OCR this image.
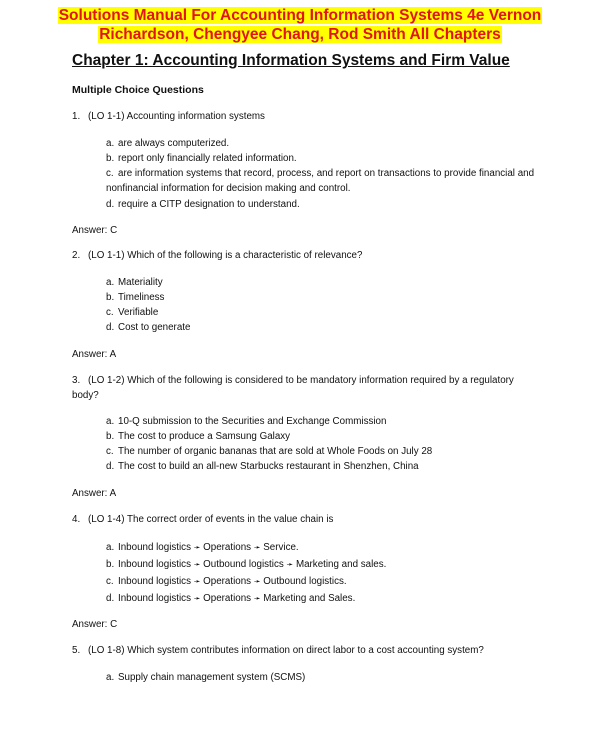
Solutions Manual For Accounting Information Systems 4e Vernon Richardson, Chengyee Chang, Rod Smith All Chapters
Chapter 1: Accounting Information Systems and Firm Value
Multiple Choice Questions
1. (LO 1-1) Accounting information systems
a. are always computerized.
b. report only financially related information.
c. are information systems that record, process, and report on transactions to provide financial and nonfinancial information for decision making and control.
d. require a CITP designation to understand.
Answer: C
2. (LO 1-1) Which of the following is a characteristic of relevance?
a. Materiality
b. Timeliness
c. Verifiable
d. Cost to generate
Answer: A
3. (LO 1-2) Which of the following is considered to be mandatory information required by a regulatory body?
a. 10-Q submission to the Securities and Exchange Commission
b. The cost to produce a Samsung Galaxy
c. The number of organic bananas that are sold at Whole Foods on July 28
d. The cost to build an all-new Starbucks restaurant in Shenzhen, China
Answer: A
4. (LO 1-4) The correct order of events in the value chain is
a. Inbound logistics ➛ Operations ➛ Service.
b. Inbound logistics ➛ Outbound logistics ➛ Marketing and sales.
c. Inbound logistics ➛ Operations ➛ Outbound logistics.
d. Inbound logistics ➛ Operations ➛ Marketing and Sales.
Answer: C
5. (LO 1-8) Which system contributes information on direct labor to a cost accounting system?
a. Supply chain management system (SCMS)
